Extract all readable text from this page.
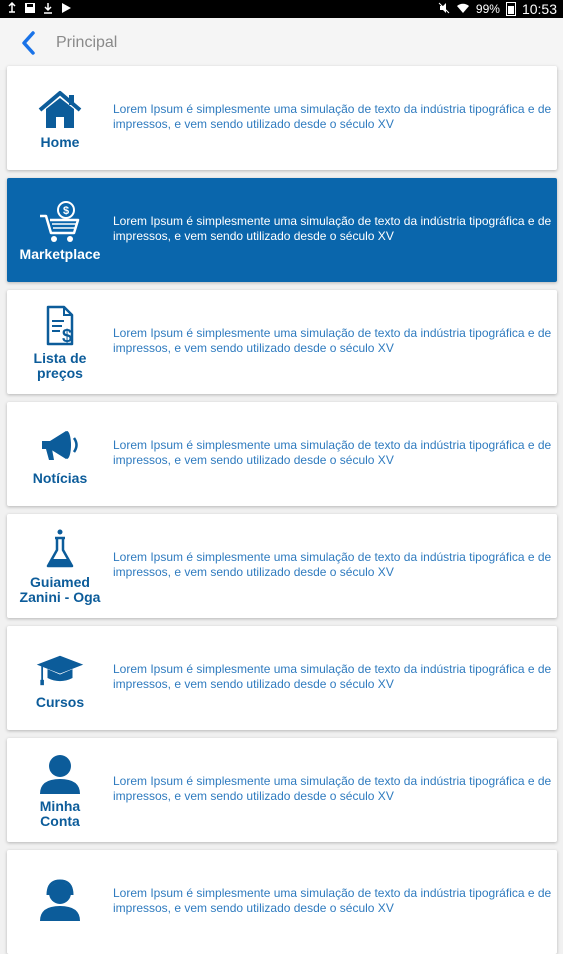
99% 10:53
Principal
Home
Lorem Ipsum é simplesmente uma simulação de texto da indústria tipográfica e de impressos, e vem sendo utilizado desde o século XV
$
Marketplace
Lorem Ipsum é simplesmente uma simulação de texto da indústria tipográfica e de impressos, e vem sendo utilizado desde o século XV
$
Lista de preços
Lorem Ipsum é simplesmente uma simulação de texto da indústria tipográfica e de impressos, e vem sendo utilizado desde o século XV
Notícias
Lorem Ipsum é simplesmente uma simulação de texto da indústria tipográfica e de impressos, e vem sendo utilizado desde o século XV
Guiamed Zanini - Oga
Lorem Ipsum é simplesmente uma simulação de texto da indústria tipográfica e de impressos, e vem sendo utilizado desde o século XV
Cursos
Lorem Ipsum é simplesmente uma simulação de texto da indústria tipográfica e de impressos, e vem sendo utilizado desde o século XV
Minha Conta
Lorem Ipsum é simplesmente uma simulação de texto da indústria tipográfica e de impressos, e vem sendo utilizado desde o século XV
Lorem Ipsum é simplesmente uma simulação de texto da indústria tipográfica e de impressos, e vem sendo utilizado desde o século XV
